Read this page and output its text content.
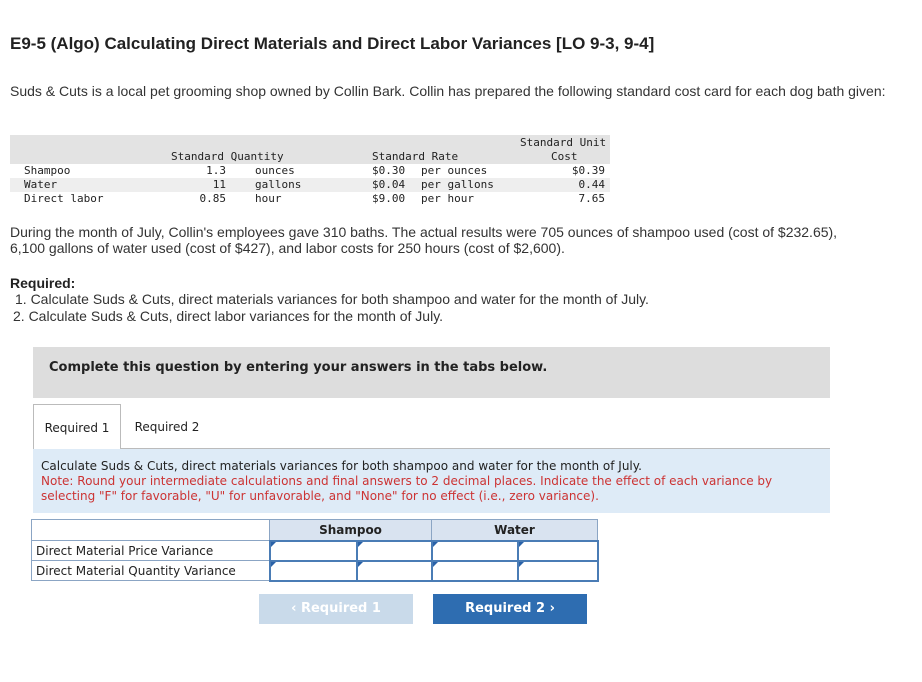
E9-5 (Algo) Calculating Direct Materials and Direct Labor Variances [LO 9-3, 9-4]
Suds & Cuts is a local pet grooming shop owned by Collin Bark. Collin has prepared the following standard cost card for each dog bath given:
Standard Quantity	Standard Rate
Standard Unit
Cost
Shampoo	1.3	ounces	$0.30 per ounces	$0.39
Water	11	gallons	$0.04 per gallons	0.44
Direct labor	0.85	hour	$9.00 per hour	7.65
During the month of July, Collin's employees gave 310 baths. The actual results were 705 ounces of shampoo used (cost of $232.65),
6,100 gallons of water used (cost of $427), and labor costs for 250 hours (cost of $2,600).
Required:
1. Calculate Suds & Cuts, direct materials variances for both shampoo and water for the month of July.
2. Calculate Suds & Cuts, direct labor variances for the month of July.
Complete this question by entering your answers in the tabs below.
Required 1	Required 2
Calculate Suds & Cuts, direct materials variances for both shampoo and water for the month of July.
Note: Round your intermediate calculations and final answers to 2 decimal places. Indicate the effect of each variance by selecting "F" for favorable, "U" for unfavorable, and "None" for no effect (i.e., zero variance).
	Shampoo		Water	
Direct Material Price Variance				
Direct Material Quantity Variance				
‹ Required 1	Required 2 ›
